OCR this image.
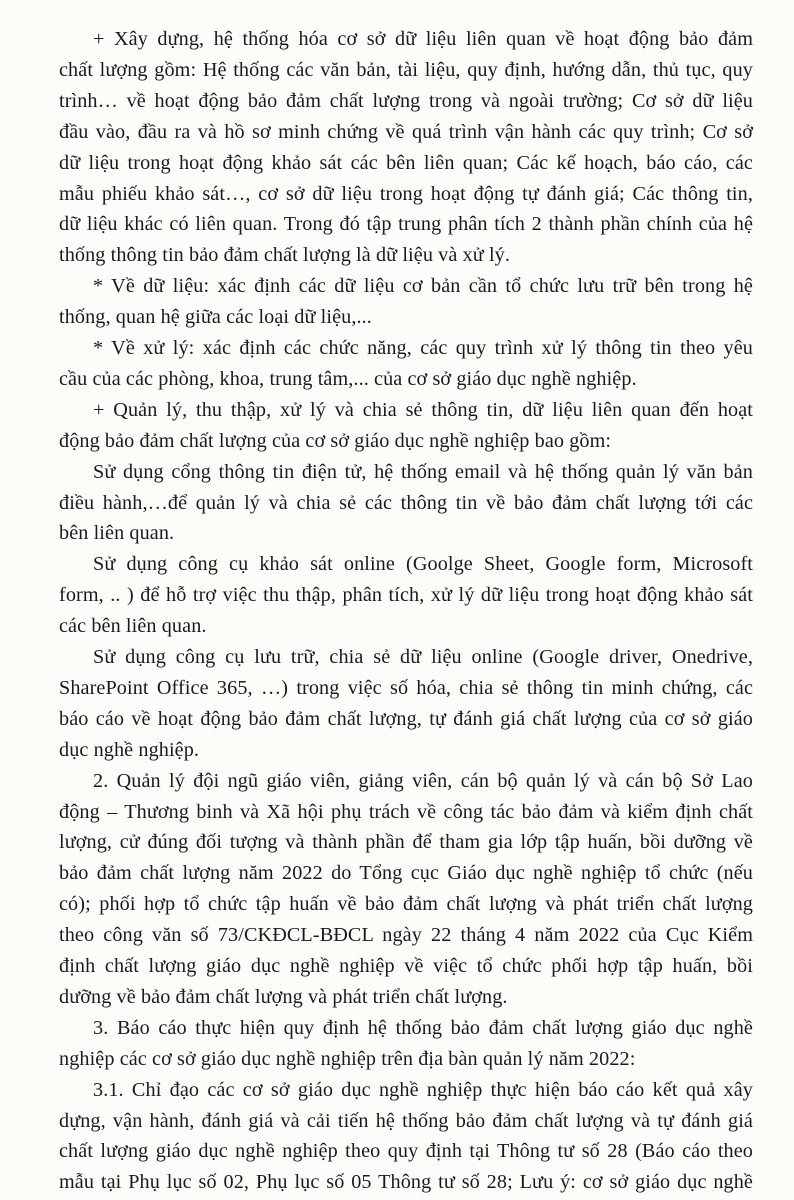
+ Xây dựng, hệ thống hóa cơ sở dữ liệu liên quan về hoạt động bảo đảm
chất lượng gồm: Hệ thống các văn bản, tài liệu, quy định, hướng dẫn, thủ tục, quy
trình… về hoạt động bảo đảm chất lượng trong và ngoài trường; Cơ sở dữ liệu
đầu vào, đầu ra và hồ sơ minh chứng về quá trình vận hành các quy trình; Cơ sở
dữ liệu trong hoạt động khảo sát các bên liên quan; Các kế hoạch, báo cáo, các
mẫu phiếu khảo sát…, cơ sở dữ liệu trong hoạt động tự đánh giá; Các thông tin,
dữ liệu khác có liên quan. Trong đó tập trung phân tích 2 thành phần chính của hệ
thống thông tin bảo đảm chất lượng là dữ liệu và xử lý.
* Về dữ liệu: xác định các dữ liệu cơ bản cần tổ chức lưu trữ bên trong hệ
thống, quan hệ giữa các loại dữ liệu,...
* Về xử lý: xác định các chức năng, các quy trình xử lý thông tin theo yêu
cầu của các phòng, khoa, trung tâm,... của cơ sở giáo dục nghề nghiệp.
+ Quản lý, thu thập, xử lý và chia sẻ thông tin, dữ liệu liên quan đến hoạt
động bảo đảm chất lượng của cơ sở giáo dục nghề nghiệp bao gồm:
Sử dụng cổng thông tin điện tử, hệ thống email và hệ thống quản lý văn bản
điều hành,…để quản lý và chia sẻ các thông tin về bảo đảm chất lượng tới các
bên liên quan.
Sử dụng công cụ khảo sát online (Goolge Sheet, Google form, Microsoft
form, .. ) để hỗ trợ việc thu thập, phân tích, xử lý dữ liệu trong hoạt động khảo sát
các bên liên quan.
Sử dụng công cụ lưu trữ, chia sẻ dữ liệu online (Google driver, Onedrive,
SharePoint Office 365, …) trong việc số hóa, chia sẻ thông tin minh chứng, các
báo cáo về hoạt động bảo đảm chất lượng, tự đánh giá chất lượng của cơ sở giáo
dục nghề nghiệp.
2. Quản lý đội ngũ giáo viên, giảng viên, cán bộ quản lý và cán bộ Sở Lao
động – Thương binh và Xã hội phụ trách về công tác bảo đảm và kiểm định chất
lượng, cử đúng đối tượng và thành phần để tham gia lớp tập huấn, bồi dưỡng về
bảo đảm chất lượng năm 2022 do Tổng cục Giáo dục nghề nghiệp tổ chức (nếu
có); phối hợp tổ chức tập huấn về bảo đảm chất lượng và phát triển chất lượng
theo công văn số 73/CKĐCL-BĐCL ngày 22 tháng 4 năm 2022 của Cục Kiểm
định chất lượng giáo dục nghề nghiệp về việc tổ chức phối hợp tập huấn, bồi
dưỡng về bảo đảm chất lượng và phát triển chất lượng.
3. Báo cáo thực hiện quy định hệ thống bảo đảm chất lượng giáo dục nghề
nghiệp các cơ sở giáo dục nghề nghiệp trên địa bàn quản lý năm 2022:
3.1. Chỉ đạo các cơ sở giáo dục nghề nghiệp thực hiện báo cáo kết quả xây
dựng, vận hành, đánh giá và cải tiến hệ thống bảo đảm chất lượng và tự đánh giá
chất lượng giáo dục nghề nghiệp theo quy định tại Thông tư số 28 (Báo cáo theo
mẫu tại Phụ lục số 02, Phụ lục số 05 Thông tư số 28; Lưu ý: cơ sở giáo dục nghề
